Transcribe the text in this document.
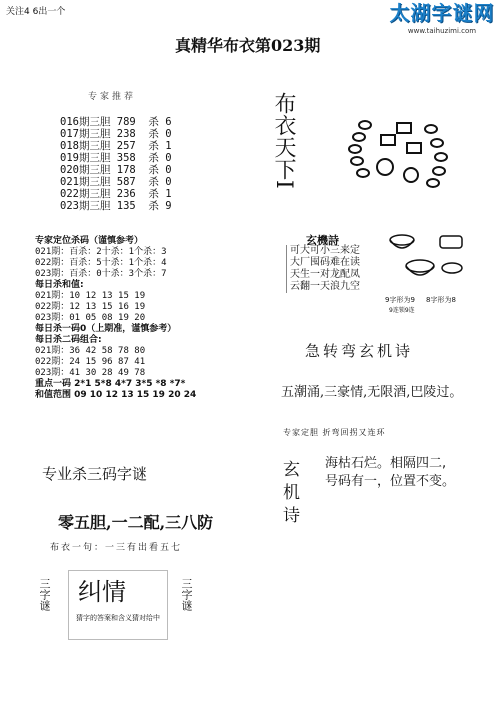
关注4 6出一个	太湖字谜网
www.taihuzimi.com
真精华布衣第023期
专家推荐
016期三胆 789  杀 6
017期三胆 238  杀 0
018期三胆 257  杀 1
019期三胆 358  杀 0
020期三胆 178  杀 0
021期三胆 587  杀 0
022期三胆 236  杀 1
023期三胆 135  杀 9
专家定位杀码（谨慎参考）
021期：百杀：2十杀：1个杀：3
022期：百杀：5十杀：1个杀：4
023期：百杀：0十杀：3个杀：7
每日杀和值:
021期：10 12 13 15 19
022期：12 13 15 16 19
023期：01 05 08 19 20
每日杀一码0（上期准，谨慎参考）
每日杀二码组合:
021期：36 42 58 78 80
022期：24 15 96 87 41
023期：41 30 28 49 78
重点一码 2*1 5*8 4*7 3*5 *8 *7*
和值范围 09 10 12 13 15 19 20 24
专业杀三码字谜
零五胆,一二配,三八防
布衣一句：一三有出看五七
三字谜 纠情
猜字的答案和含义猜对给中
三字谜
布衣天下I
玄機詩
可大可小三来定
大厂囤码难在读
天生一对龙配凤
云翻一天浪九空
9字形为9 8字形为8
9连锁9连
急转弯玄机诗
五潮涌,三豪情,无限酒,巴陵过。
专家定胆 折弯回拐又连环
玄机诗 海枯石烂。相隔四二,
号码有一，位置不变。
